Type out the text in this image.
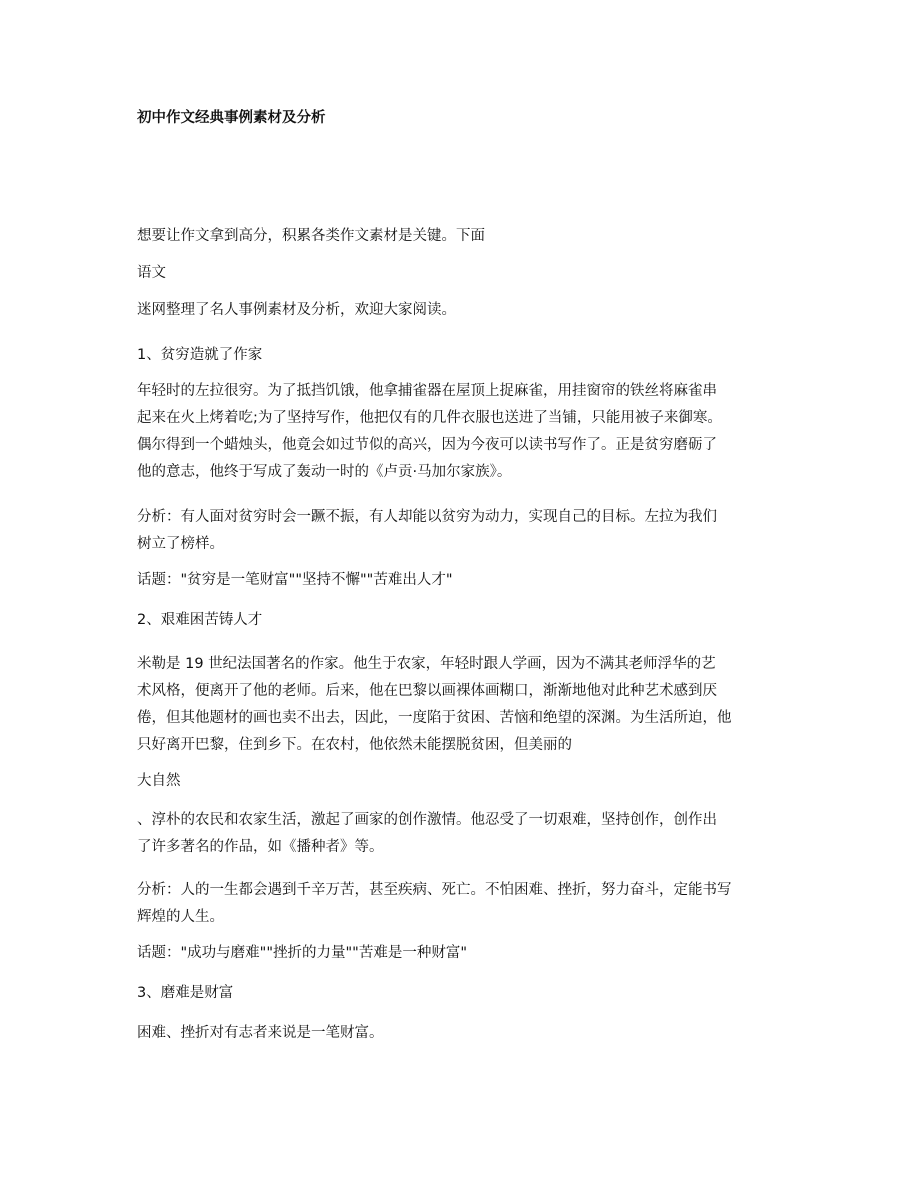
初中作文经典事例素材及分析
想要让作文拿到高分，积累各类作文素材是关键。下面
语文
迷网整理了名人事例素材及分析，欢迎大家阅读。
1、贫穷造就了作家
年轻时的左拉很穷。为了抵挡饥饿，他拿捕雀器在屋顶上捉麻雀，用挂窗帘的铁丝将麻雀串
起来在火上烤着吃;为了坚持写作，他把仅有的几件衣服也送进了当铺，只能用被子来御寒。
偶尔得到一个蜡烛头，他竟会如过节似的高兴，因为今夜可以读书写作了。正是贫穷磨砺了
他的意志，他终于写成了轰动一时的《卢贡·马加尔家族》。
分析：有人面对贫穷时会一蹶不振，有人却能以贫穷为动力，实现自己的目标。左拉为我们
树立了榜样。
话题："贫穷是一笔财富""坚持不懈""苦难出人才"
2、艰难困苦铸人才
米勒是 19 世纪法国著名的作家。他生于农家，年轻时跟人学画，因为不满其老师浮华的艺
术风格，便离开了他的老师。后来，他在巴黎以画裸体画糊口，渐渐地他对此种艺术感到厌
倦，但其他题材的画也卖不出去，因此，一度陷于贫困、苦恼和绝望的深渊。为生活所迫，他
只好离开巴黎，住到乡下。在农村，他依然未能摆脱贫困，但美丽的
大自然
、淳朴的农民和农家生活，激起了画家的创作激情。他忍受了一切艰难，坚持创作，创作出
了许多著名的作品，如《播种者》等。
分析：人的一生都会遇到千辛万苦，甚至疾病、死亡。不怕困难、挫折，努力奋斗，定能书写
辉煌的人生。
话题："成功与磨难""挫折的力量""苦难是一种财富"
3、磨难是财富
困难、挫折对有志者来说是一笔财富。
